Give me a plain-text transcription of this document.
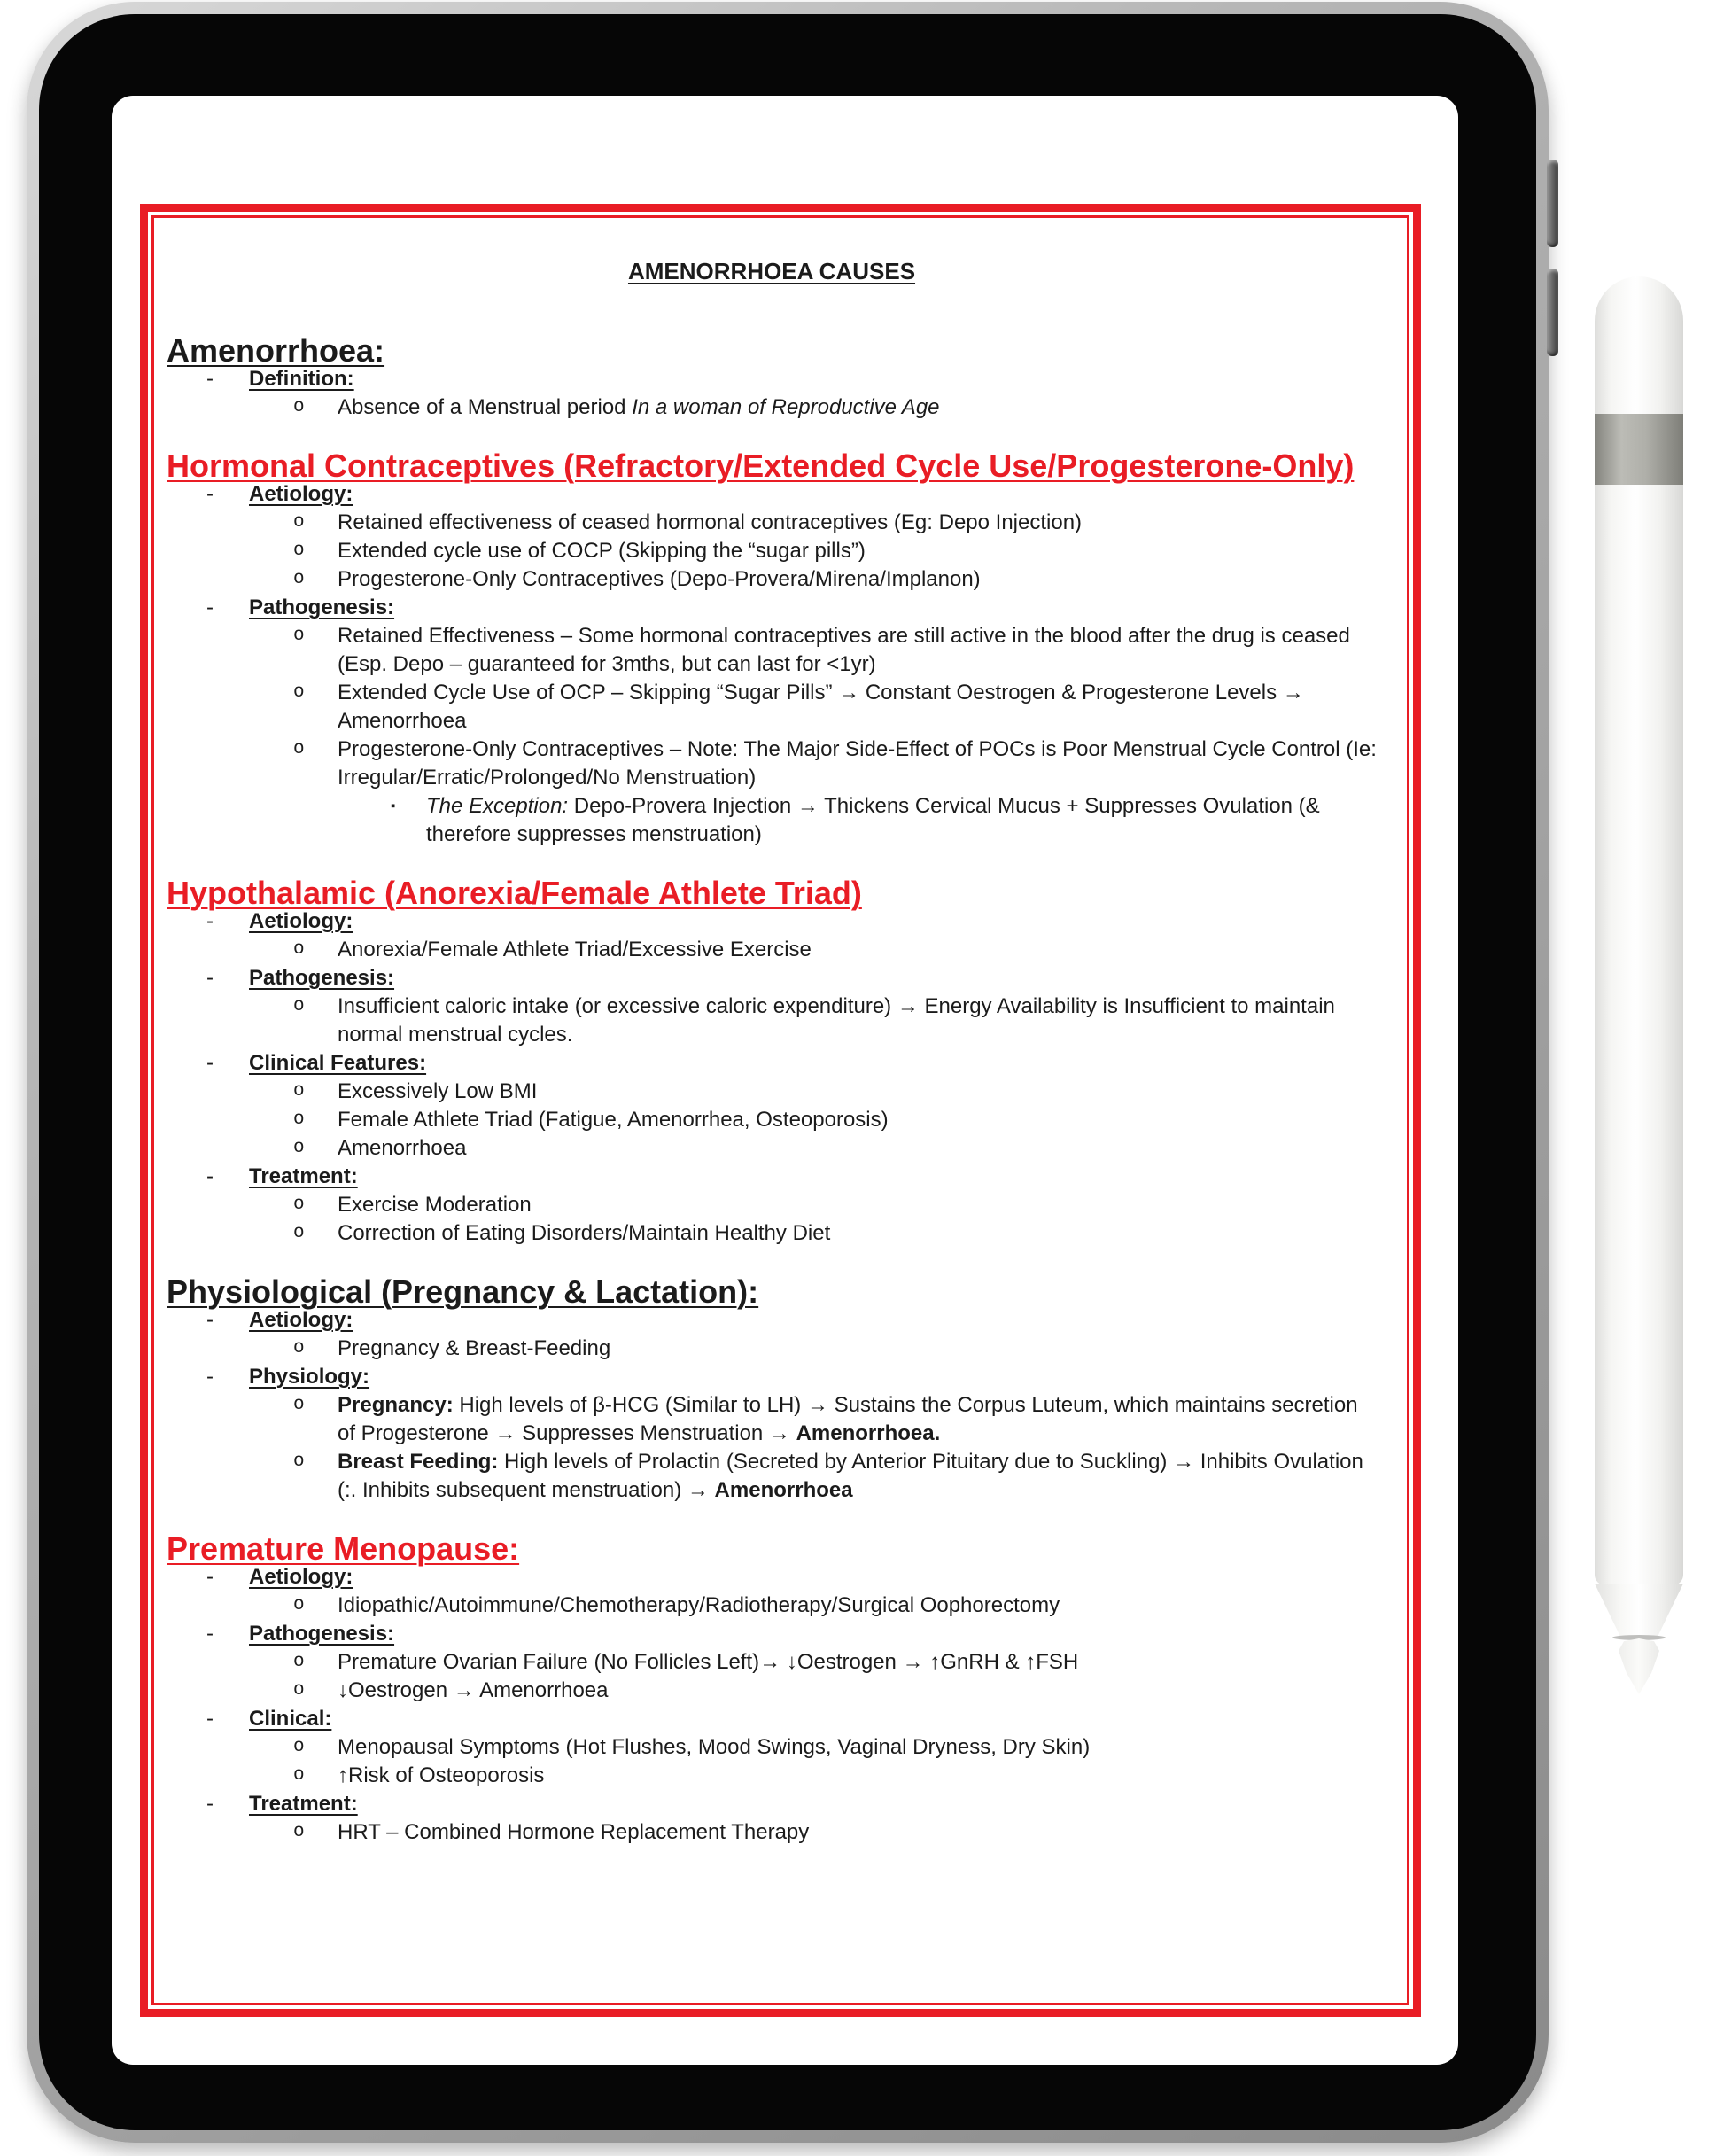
AMENORRHOEA CAUSES
Amenorrhoea:
-	Definition:
o	Absence of a Menstrual period In a woman of Reproductive Age
Hormonal Contraceptives (Refractory/Extended Cycle Use/Progesterone-Only)
-	Aetiology:
o	Retained effectiveness of ceased hormonal contraceptives (Eg: Depo Injection)
o	Extended cycle use of COCP (Skipping the “sugar pills”)
o	Progesterone-Only Contraceptives (Depo-Provera/Mirena/Implanon)
-	Pathogenesis:
o	Retained Effectiveness – Some hormonal contraceptives are still active in the blood after the drug is ceased (Esp. Depo – guaranteed for 3mths, but can last for <1yr)
o	Extended Cycle Use of OCP – Skipping “Sugar Pills” → Constant Oestrogen & Progesterone Levels → Amenorrhoea
o	Progesterone-Only Contraceptives – Note: The Major Side-Effect of POCs is Poor Menstrual Cycle Control (Ie: Irregular/Erratic/Prolonged/No Menstruation)
▪	The Exception: Depo-Provera Injection → Thickens Cervical Mucus + Suppresses Ovulation (& therefore suppresses menstruation)
Hypothalamic (Anorexia/Female Athlete Triad)
-	Aetiology:
o	Anorexia/Female Athlete Triad/Excessive Exercise
-	Pathogenesis:
o	Insufficient caloric intake (or excessive caloric expenditure) → Energy Availability is Insufficient to maintain normal menstrual cycles.
-	Clinical Features:
o	Excessively Low BMI
o	Female Athlete Triad (Fatigue, Amenorrhea, Osteoporosis)
o	Amenorrhoea
-	Treatment:
o	Exercise Moderation
o	Correction of Eating Disorders/Maintain Healthy Diet
Physiological (Pregnancy & Lactation):
-	Aetiology:
o	Pregnancy & Breast-Feeding
-	Physiology:
o	Pregnancy: High levels of β-HCG (Similar to LH) → Sustains the Corpus Luteum, which maintains secretion of Progesterone → Suppresses Menstruation → Amenorrhoea.
o	Breast Feeding: High levels of Prolactin (Secreted by Anterior Pituitary due to Suckling) → Inhibits Ovulation (:. Inhibits subsequent menstruation) → Amenorrhoea
Premature Menopause:
-	Aetiology:
o	Idiopathic/Autoimmune/Chemotherapy/Radiotherapy/Surgical Oophorectomy
-	Pathogenesis:
o	Premature Ovarian Failure (No Follicles Left)→ ↓Oestrogen → ↑GnRH & ↑FSH
o	↓Oestrogen → Amenorrhoea
-	Clinical:
o	Menopausal Symptoms (Hot Flushes, Mood Swings, Vaginal Dryness, Dry Skin)
o	↑Risk of Osteoporosis
-	Treatment:
o	HRT – Combined Hormone Replacement Therapy
